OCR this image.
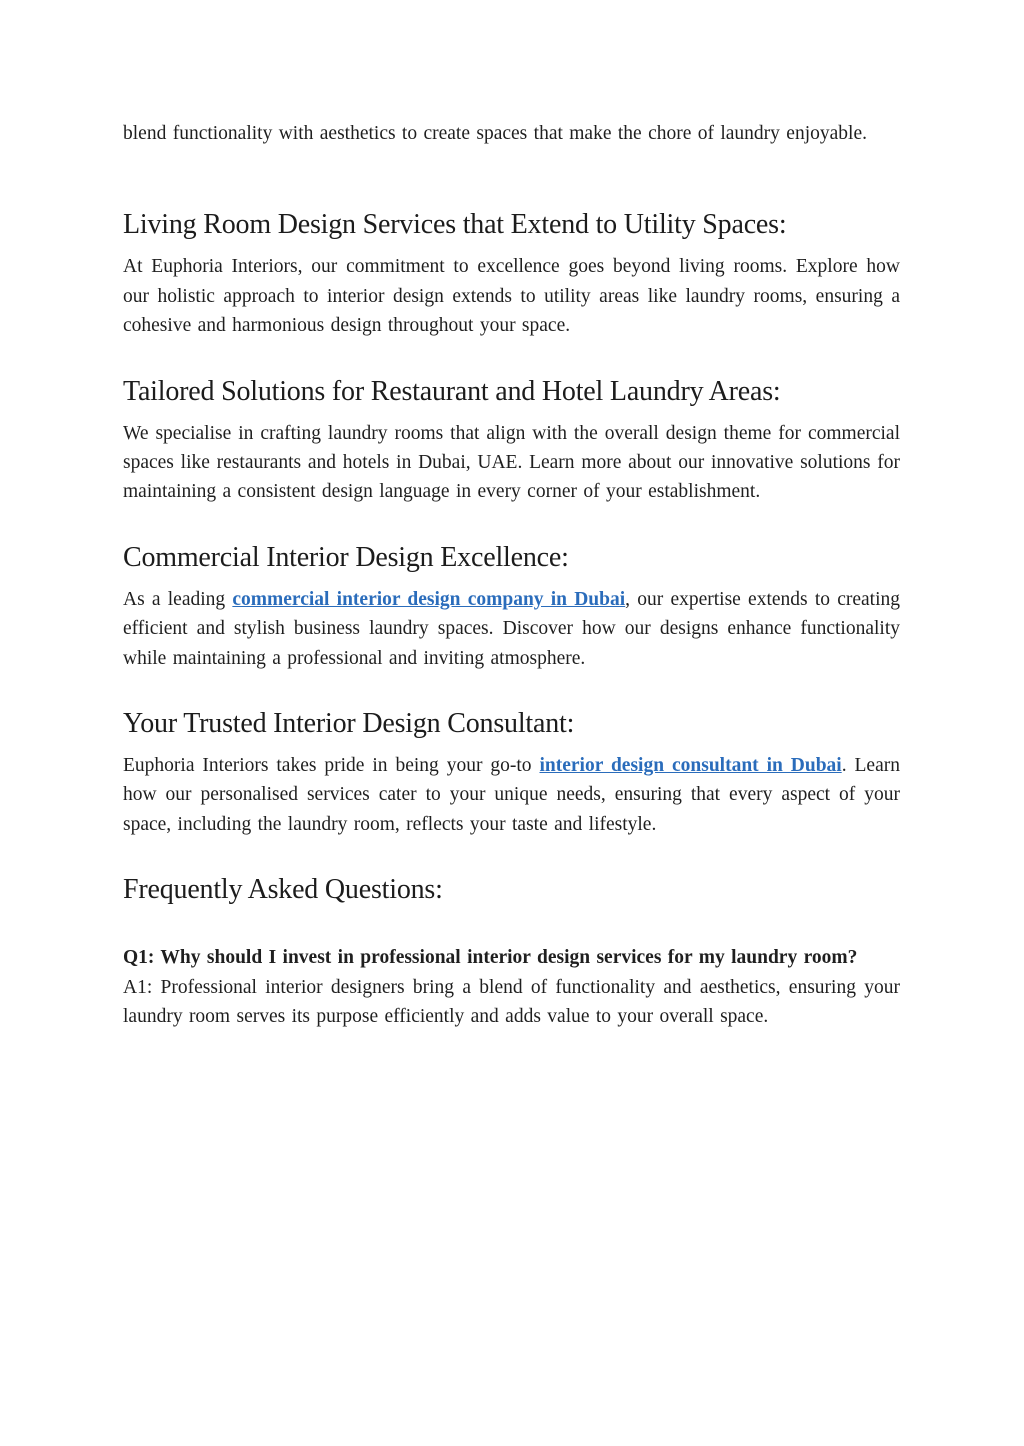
blend functionality with aesthetics to create spaces that make the chore of laundry enjoyable.

Living Room Design Services that Extend to Utility Spaces:

At Euphoria Interiors, our commitment to excellence goes beyond living rooms. Explore how our holistic approach to interior design extends to utility areas like laundry rooms, ensuring a cohesive and harmonious design throughout your space.

Tailored Solutions for Restaurant and Hotel Laundry Areas:

We specialise in crafting laundry rooms that align with the overall design theme for commercial spaces like restaurants and hotels in Dubai, UAE. Learn more about our innovative solutions for maintaining a consistent design language in every corner of your establishment.

Commercial Interior Design Excellence:

As a leading commercial interior design company in Dubai, our expertise extends to creating efficient and stylish business laundry spaces. Discover how our designs enhance functionality while maintaining a professional and inviting atmosphere.

Your Trusted Interior Design Consultant:

Euphoria Interiors takes pride in being your go-to interior design consultant in Dubai. Learn how our personalised services cater to your unique needs, ensuring that every aspect of your space, including the laundry room, reflects your taste and lifestyle.

Frequently Asked Questions:

Q1: Why should I invest in professional interior design services for my laundry room?

A1: Professional interior designers bring a blend of functionality and aesthetics, ensuring your laundry room serves its purpose efficiently and adds value to your overall space.
